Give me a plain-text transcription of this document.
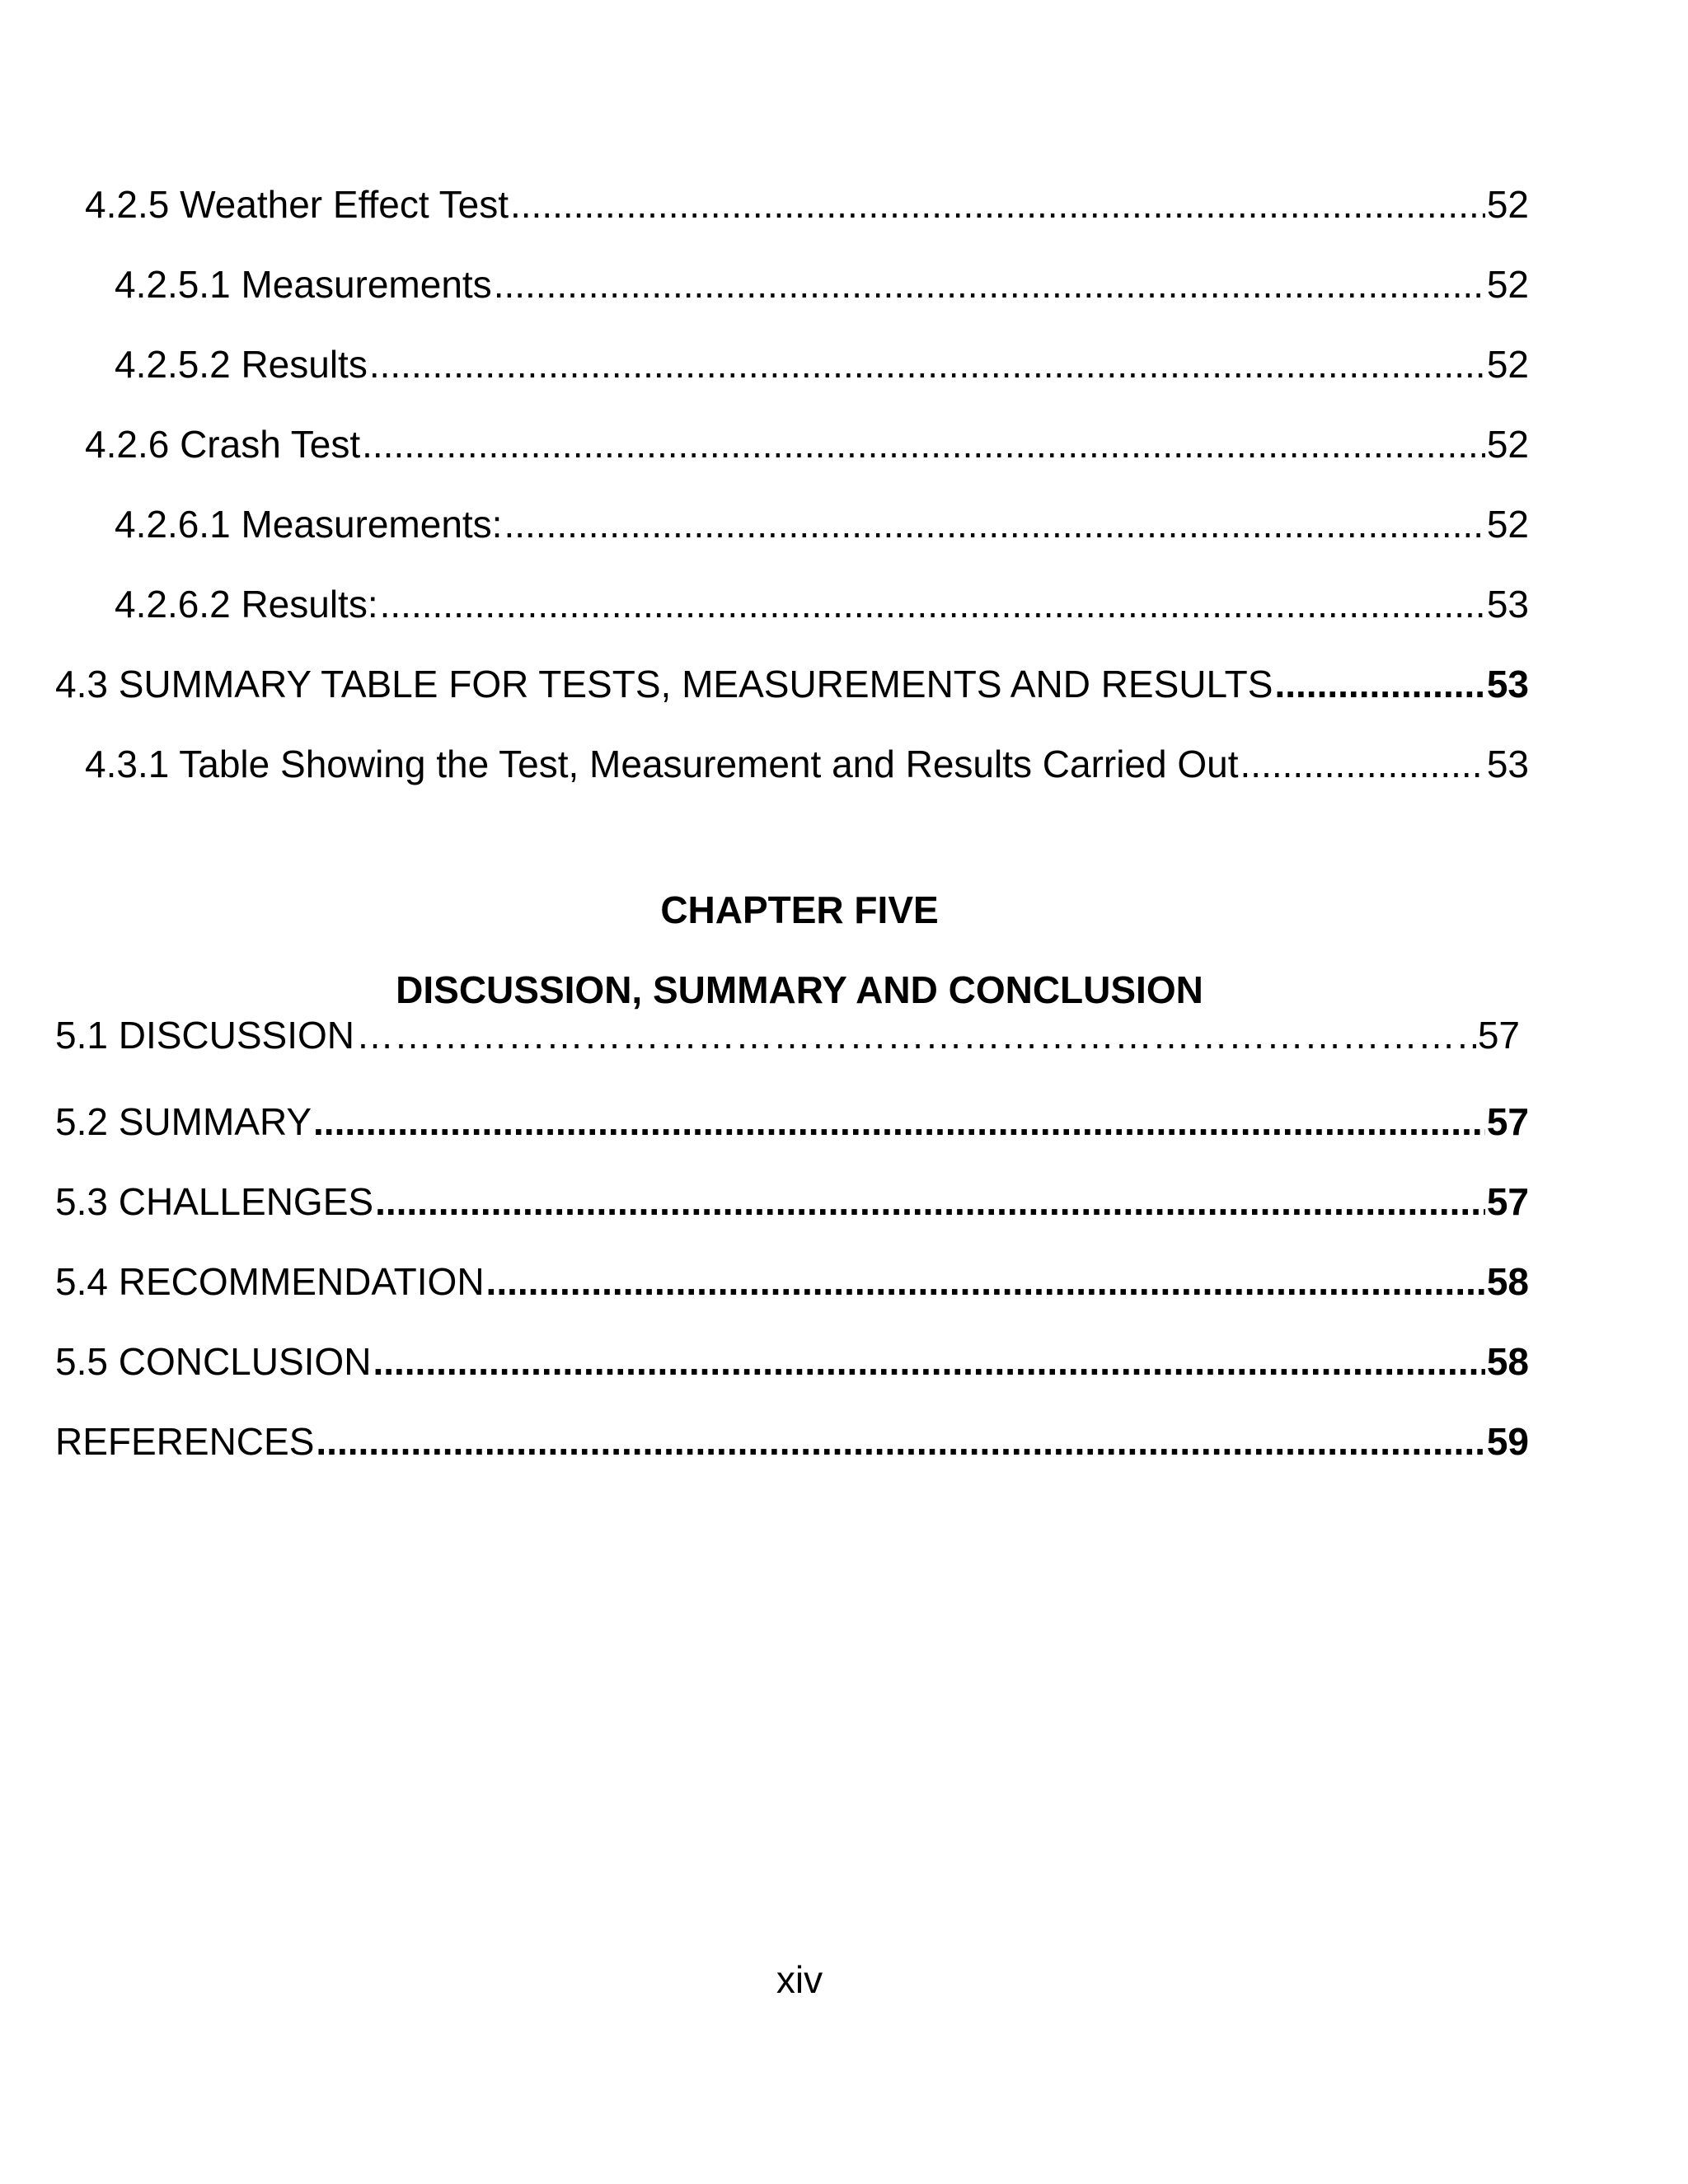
4.2.5 Weather Effect Test .....	52
4.2.5.1 Measurements .....	52
4.2.5.2 Results .....	52
4.2.6 Crash Test .....	52
4.2.6.1 Measurements: .....	52
4.2.6.2 Results: .....	53
4.3 SUMMARY TABLE FOR TESTS, MEASUREMENTS AND RESULTS .....	53
4.3.1 Table Showing the Test, Measurement and Results Carried Out .....	53
CHAPTER FIVE
DISCUSSION, SUMMARY AND CONCLUSION
5.1 DISCUSSION …………………………………………………………………………………………………………………………………………………………………………………………	57
5.2 SUMMARY .....	57
5.3 CHALLENGES .....	57
5.4 RECOMMENDATION .....	58
5.5 CONCLUSION .....	58
REFERENCES .....	59
xiv
